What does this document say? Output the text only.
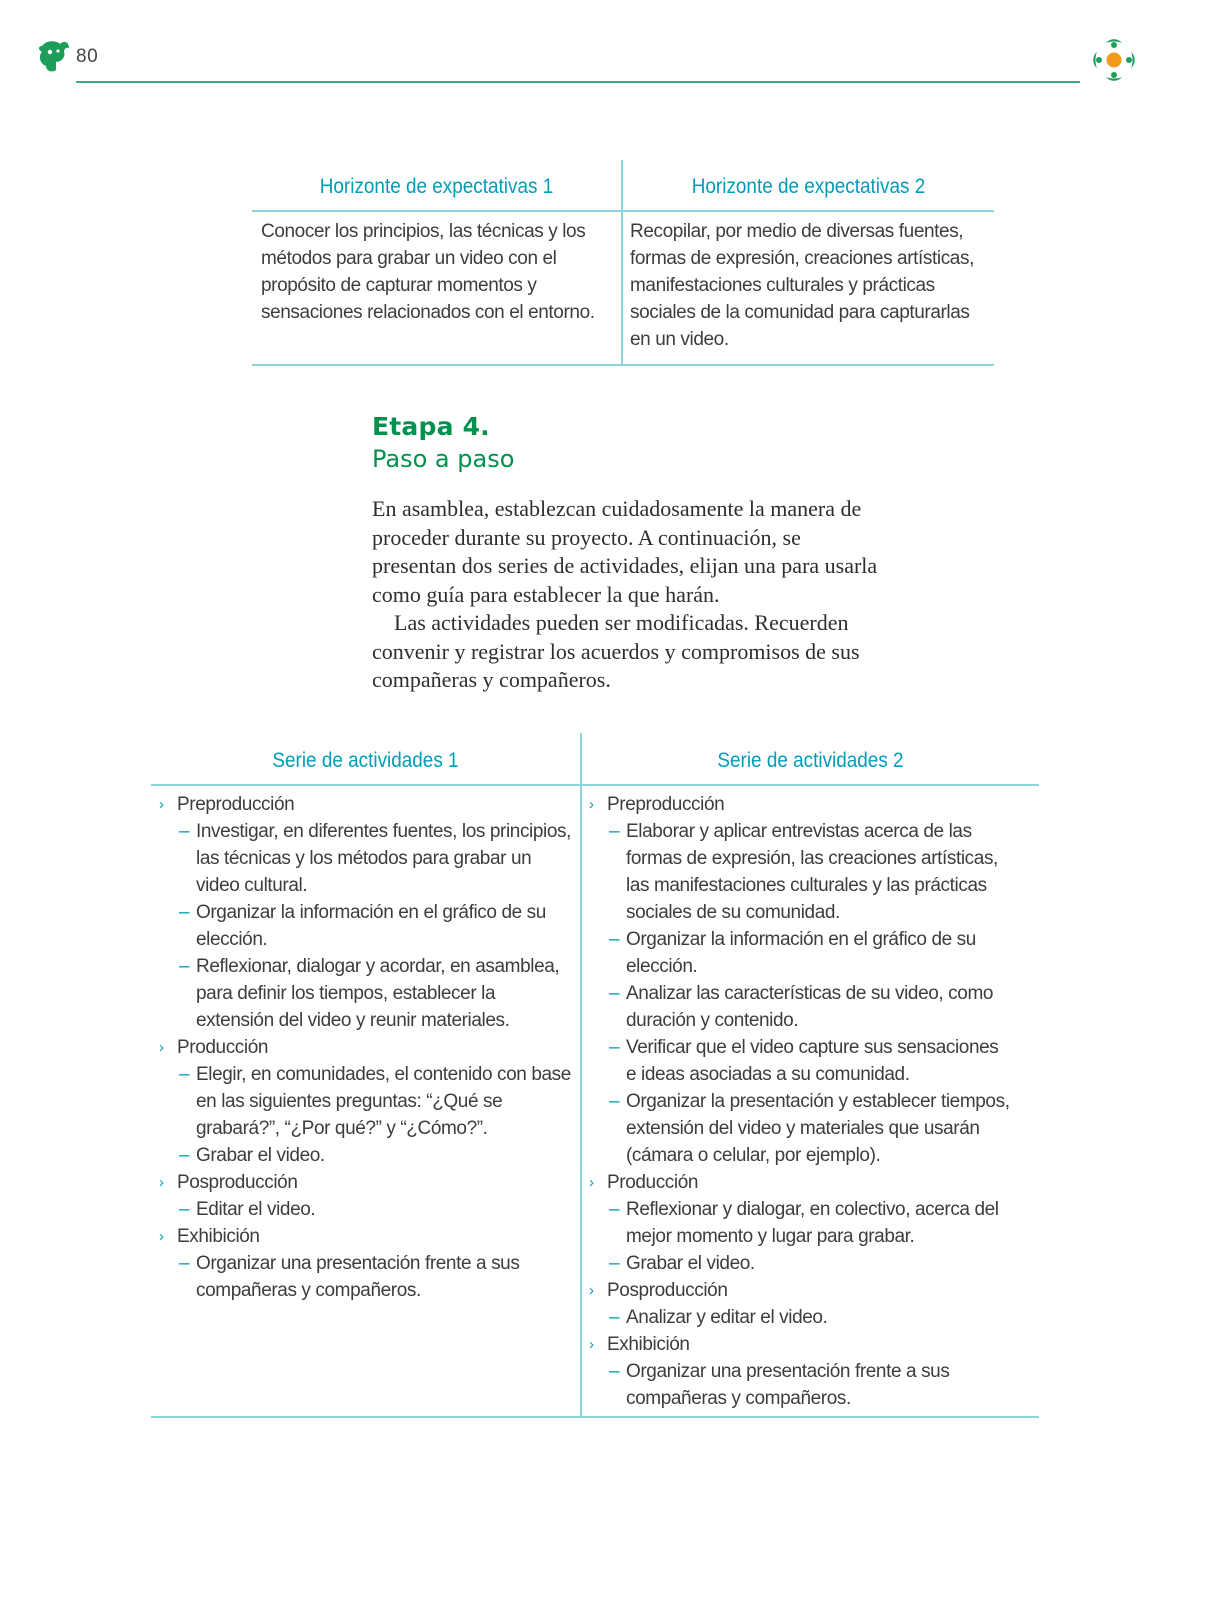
80
Horizonte de expectativas 1	Horizonte de expectativas 2
Conocer los principios, las técnicas y los métodos para grabar un video con el propósito de capturar momentos y sensaciones relacionados con el entorno.
Recopilar, por medio de diversas fuentes, formas de expresión, creaciones artísticas, manifestaciones culturales y prácticas sociales de la comunidad para capturarlas en un video.
Etapa 4.
Paso a paso

En asamblea, establezcan cuidadosamente la manera de proceder durante su proyecto. A continuación, se presentan dos series de actividades, elijan una para usarla como guía para establecer la que harán.

Las actividades pueden ser modificadas. Recuerden convenir y registrar los acuerdos y compromisos de sus compañeras y compañeros.

Serie de actividades 1	Serie de actividades 2
› Preproducción
– Investigar, en diferentes fuentes, los principios, las técnicas y los métodos para grabar un video cultural.
– Organizar la información en el gráfico de su elección.
– Reflexionar, dialogar y acordar, en asamblea, para definir los tiempos, establecer la extensión del video y reunir materiales.
› Producción
– Elegir, en comunidades, el contenido con base en las siguientes preguntas: “¿Qué se grabará?”, “¿Por qué?” y “¿Cómo?”.
– Grabar el video.
› Posproducción
– Editar el video.
› Exhibición
– Organizar una presentación frente a sus compañeras y compañeros.
› Preproducción
– Elaborar y aplicar entrevistas acerca de las formas de expresión, las creaciones artísticas, las manifestaciones culturales y las prácticas sociales de su comunidad.
– Organizar la información en el gráfico de su elección.
– Analizar las características de su video, como duración y contenido.
– Verificar que el video capture sus sensaciones e ideas asociadas a su comunidad.
– Organizar la presentación y establecer tiempos, extensión del video y materiales que usarán (cámara o celular, por ejemplo).
› Producción
– Reflexionar y dialogar, en colectivo, acerca del mejor momento y lugar para grabar.
– Grabar el video.
› Posproducción
– Analizar y editar el video.
› Exhibición
– Organizar una presentación frente a sus compañeras y compañeros.
